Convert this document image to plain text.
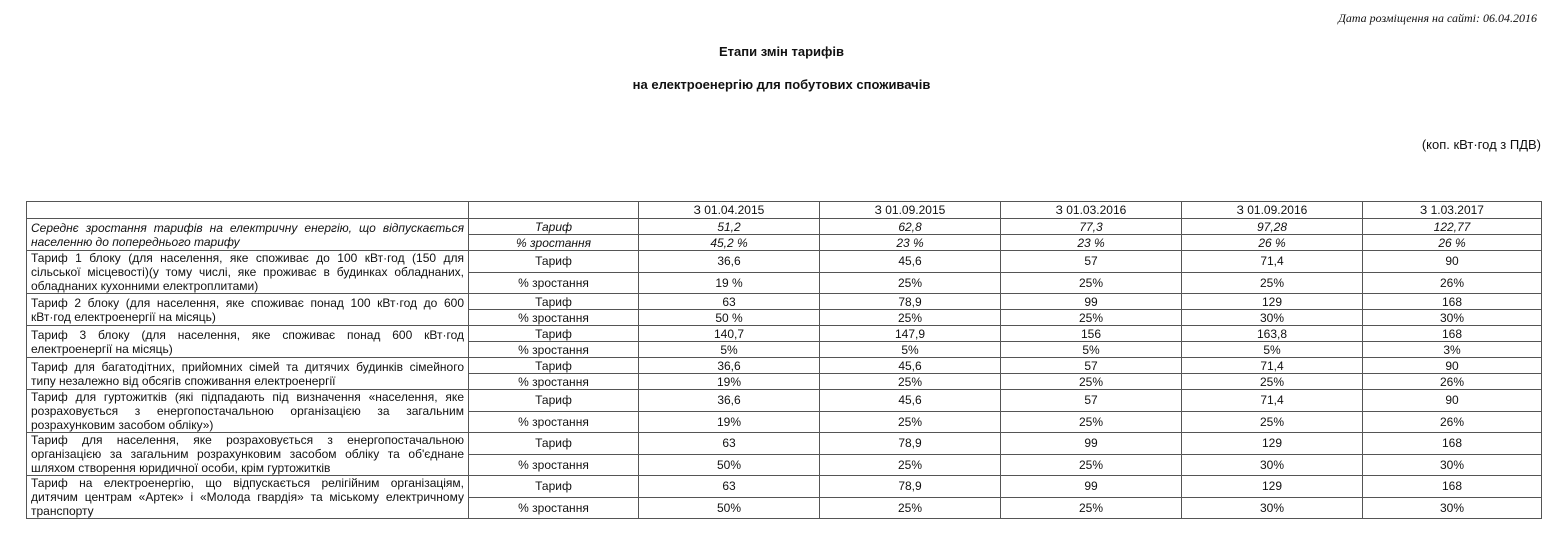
Дата розміщення на сайті: 06.04.2016
Етапи змін тарифів
на електроенергію для побутових споживачів
(коп. кВт·год з ПДВ)
		З 01.04.2015	З 01.09.2015	З 01.03.2016	З 01.09.2016	З 1.03.2017
Середнє зростання тарифів на електричну енергію, що відпускається населенню до попереднього тарифу	Тариф	51,2	62,8	77,3	97,28	122,77
	% зростання	45,2 %	23 %	23 %	26 %	26 %
Тариф 1 блоку (для населення, яке споживає до 100 кВт·год (150 для сільської місцевості)(у тому числі, яке проживає в будинках обладнаних, обладнаних кухонними електроплитами)	Тариф	36,6	45,6	57	71,4	90
	% зростання	19 %	25%	25%	25%	26%
Тариф 2 блоку (для населення, яке споживає понад 100 кВт·год до 600 кВт·год електроенергії на місяць)	Тариф	63	78,9	99	129	168
	% зростання	50 %	25%	25%	30%	30%
Тариф 3 блоку (для населення, яке споживає понад 600 кВт·год електроенергії на місяць)	Тариф	140,7	147,9	156	163,8	168
	% зростання	5%	5%	5%	5%	3%
Тариф для багатодітних, прийомних сімей та дитячих будинків сімейного типу незалежно від обсягів споживання електроенергії	Тариф	36,6	45,6	57	71,4	90
	% зростання	19%	25%	25%	25%	26%
Тариф для гуртожитків (які підпадають під визначення «населення, яке розраховується з енергопостачальною організацією за загальним розрахунковим засобом обліку»)	Тариф	36,6	45,6	57	71,4	90
	% зростання	19%	25%	25%	25%	26%
Тариф для населення, яке розраховується з енергопостачальною організацією за загальним розрахунковим засобом обліку та об'єднане шляхом створення юридичної особи, крім гуртожитків	Тариф	63	78,9	99	129	168
	% зростання	50%	25%	25%	30%	30%
Тариф на електроенергію, що відпускається релігійним організаціям, дитячим центрам «Артек» і «Молода гвардія» та міському електричному транспорту	Тариф	63	78,9	99	129	168
	% зростання	50%	25%	25%	30%	30%
